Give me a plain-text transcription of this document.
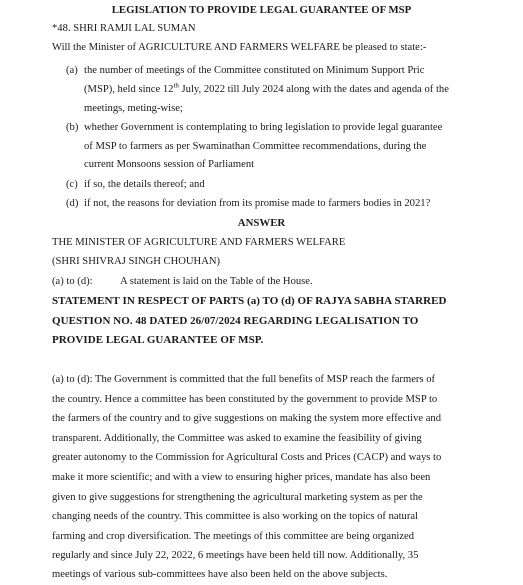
LEGISLATION TO PROVIDE LEGAL GUARANTEE OF MSP
*48. SHRI RAMJI LAL SUMAN
Will the Minister of AGRICULTURE AND FARMERS WELFARE be pleased to state:-
(a) the number of meetings of the Committee constituted on Minimum Support Pric
(MSP), held since 12th July, 2022 till July 2024 along with the dates and agenda of the
meetings, meting-wise;
(b) whether Government is contemplating to bring legislation to provide legal guarantee
of MSP to farmers as per Swaminathan Committee recommendations, during the
current Monsoons session of Parliament
(c) if so, the details thereof; and
(d) if not, the reasons for deviation from its promise made to farmers bodies in 2021?
ANSWER
THE MINISTER OF AGRICULTURE AND FARMERS WELFARE
(SHRI SHIVRAJ SINGH CHOUHAN)
(a) to (d):	A statement is laid on the Table of the House.
STATEMENT IN RESPECT OF PARTS (a) TO (d) OF RAJYA SABHA STARRED
QUESTION NO. 48 DATED 26/07/2024 REGARDING LEGALISATION TO
PROVIDE LEGAL GUARANTEE OF MSP.
(a) to (d): The Government is committed that the full benefits of MSP reach the farmers of
the country. Hence a committee has been constituted by the government to provide MSP to
the farmers of the country and to give suggestions on making the system more effective and
transparent. Additionally, the Committee was asked to examine the feasibility of giving
greater autonomy to the Commission for Agricultural Costs and Prices (CACP) and ways to
make it more scientific; and with a view to ensuring higher prices, mandate has also been
given to give suggestions for strengthening the agricultural marketing system as per the
changing needs of the country. This committee is also working on the topics of natural
farming and crop diversification. The meetings of this committee are being organized
regularly and since July 22, 2022, 6 meetings have been held till now. Additionally, 35
meetings of various sub-committees have also been held on the above subjects.
